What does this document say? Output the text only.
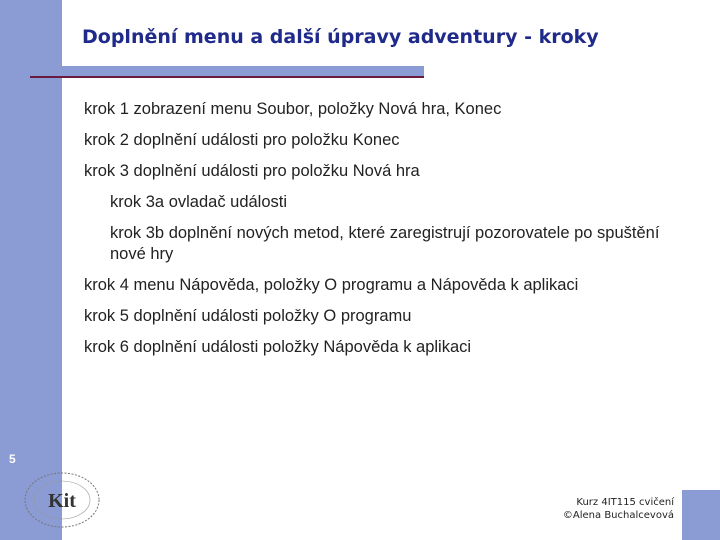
Doplnění menu a další úpravy adventury - kroky
krok 1 zobrazení menu Soubor, položky Nová hra, Konec
krok 2 doplnění události pro položku Konec
krok 3 doplnění události pro položku Nová hra
krok 3a ovladač události
krok 3b doplnění nových metod, které zaregistrují pozorovatele po spuštění nové hry
krok 4 menu Nápověda, položky O programu a Nápověda k aplikaci
krok 5 doplnění události položky O programu
krok 6 doplnění události položky Nápověda k aplikaci
5
Kit	Kurz 4IT115 cvičení
©Alena Buchalcevová
